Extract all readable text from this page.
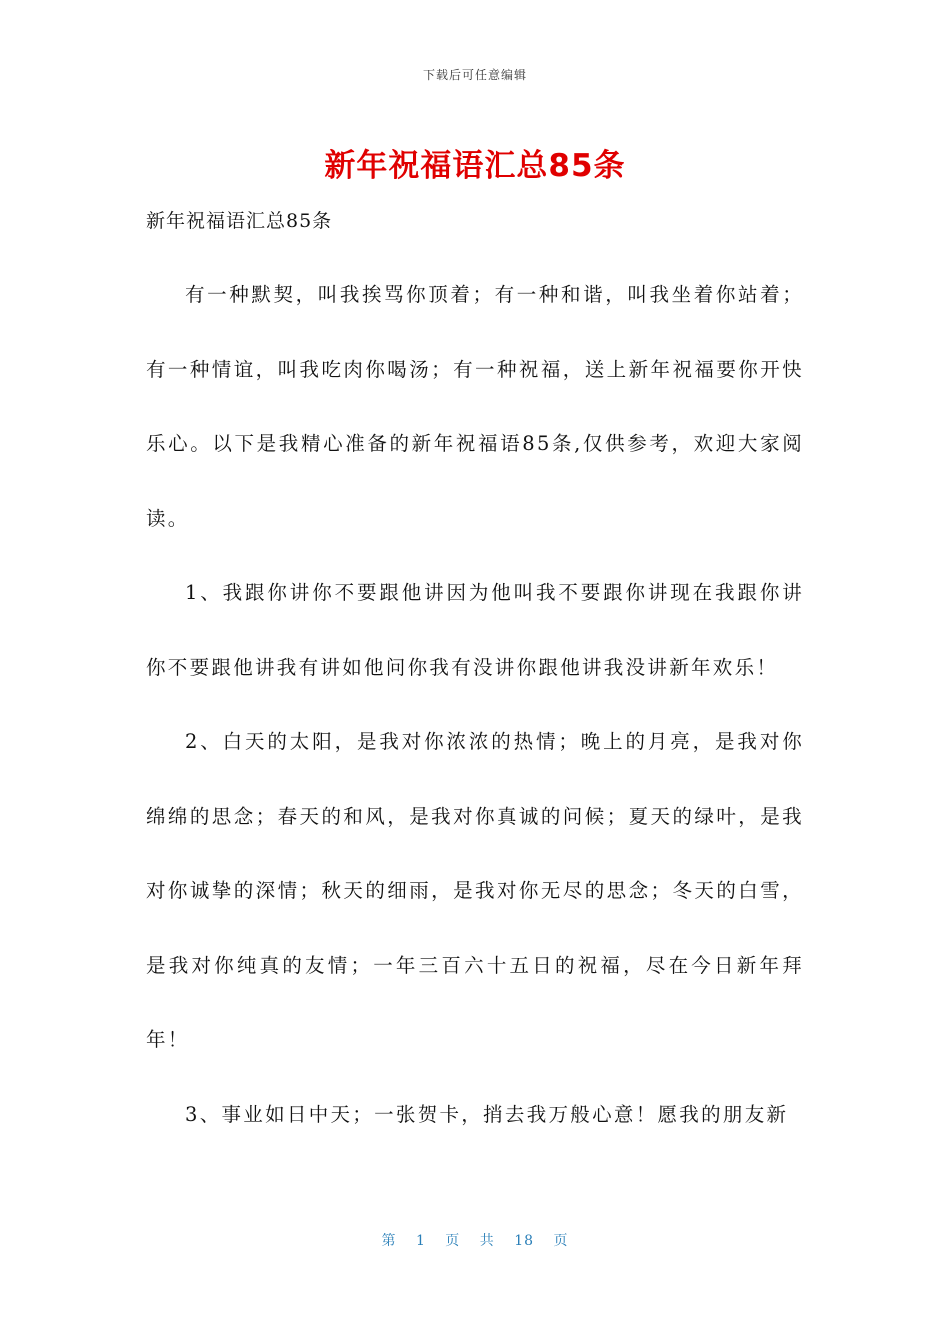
下载后可任意编辑
新年祝福语汇总85条
新年祝福语汇总85条

有一种默契，叫我挨骂你顶着；有一种和谐，叫我坐着你站着；有一种情谊，叫我吃肉你喝汤；有一种祝福，送上新年祝福要你开快乐心。以下是我精心准备的新年祝福语85条,仅供参考，欢迎大家阅读。

1、我跟你讲你不要跟他讲因为他叫我不要跟你讲现在我跟你讲你不要跟他讲我有讲如他问你我有没讲你跟他讲我没讲新年欢乐！

2、白天的太阳，是我对你浓浓的热情；晚上的月亮，是我对你绵绵的思念；春天的和风，是我对你真诚的问候；夏天的绿叶，是我对你诚挚的深情；秋天的细雨，是我对你无尽的思念；冬天的白雪，是我对你纯真的友情；一年三百六十五日的祝福，尽在今日新年拜年！

3、事业如日中天；一张贺卡，捎去我万般心意！愿我的朋友新

第 1 页 共 18 页
